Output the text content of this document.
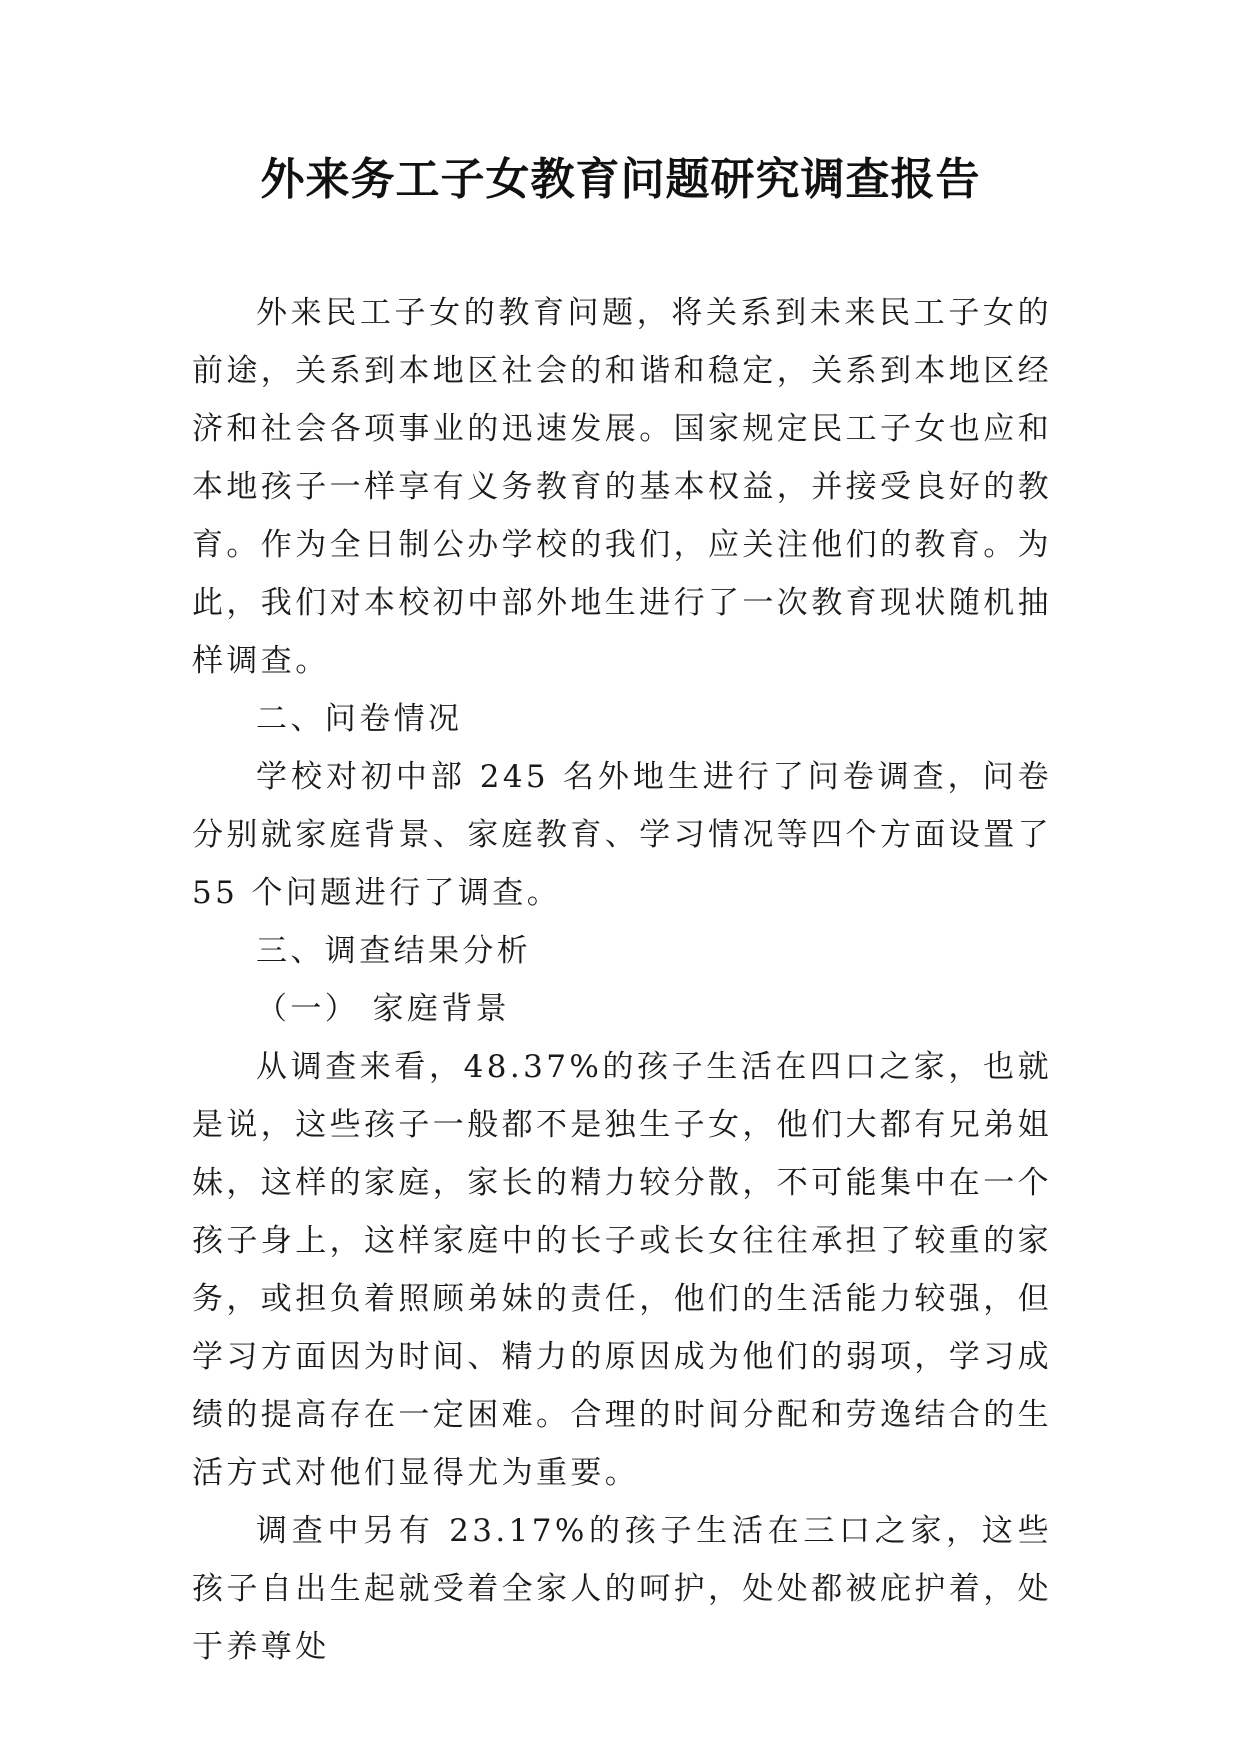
外来务工子女教育问题研究调查报告

外来民工子女的教育问题，将关系到未来民工子女的前途，关系到本地区社会的和谐和稳定，关系到本地区经济和社会各项事业的迅速发展。国家规定民工子女也应和本地孩子一样享有义务教育的基本权益，并接受良好的教育。作为全日制公办学校的我们，应关注他们的教育。为此，我们对本校初中部外地生进行了一次教育现状随机抽样调查。

二、问卷情况

学校对初中部 245 名外地生进行了问卷调查，问卷分别就家庭背景、家庭教育、学习情况等四个方面设置了 55 个问题进行了调查。

三、调查结果分析

（一） 家庭背景

从调查来看，48.37%的孩子生活在四口之家，也就是说，这些孩子一般都不是独生子女，他们大都有兄弟姐妹，这样的家庭，家长的精力较分散，不可能集中在一个孩子身上，这样家庭中的长子或长女往往承担了较重的家务，或担负着照顾弟妹的责任，他们的生活能力较强，但学习方面因为时间、精力的原因成为他们的弱项，学习成绩的提高存在一定困难。合理的时间分配和劳逸结合的生活方式对他们显得尤为重要。

调查中另有 23.17%的孩子生活在三口之家，这些孩子自出生起就受着全家人的呵护，处处都被庇护着，处于养尊处
